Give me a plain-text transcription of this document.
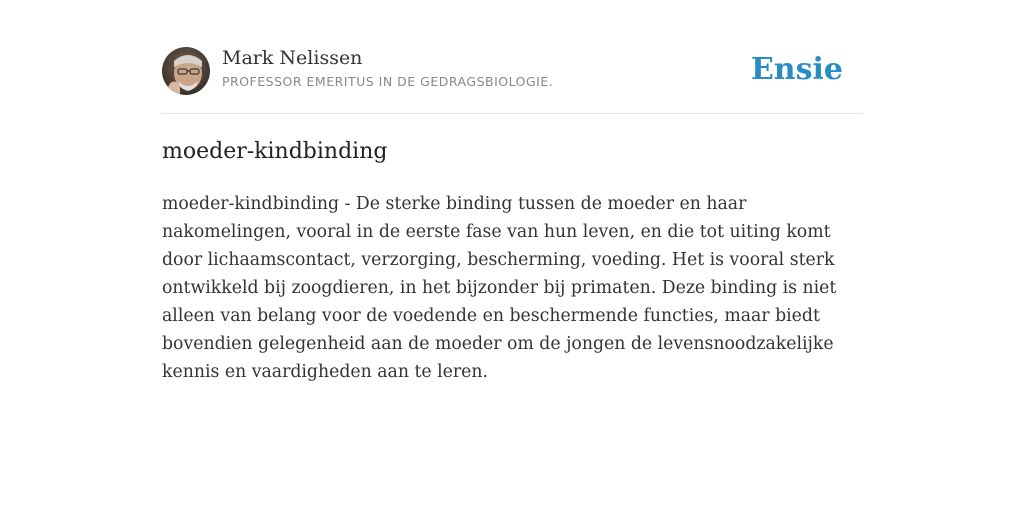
Mark Nelissen
PROFESSOR EMERITUS IN DE GEDRAGSBIOLOGIE.	Ensie
moeder-kindbinding

moeder-kindbinding - De sterke binding tussen de moeder en haar nakomelingen, vooral in de eerste fase van hun leven, en die tot uiting komt door lichaamscontact, verzorging, bescherming, voeding. Het is vooral sterk ontwikkeld bij zoogdieren, in het bijzonder bij primaten. Deze binding is niet alleen van belang voor de voedende en beschermende functies, maar biedt bovendien gelegenheid aan de moeder om de jongen de levensnoodzakelijke kennis en vaardigheden aan te leren.
